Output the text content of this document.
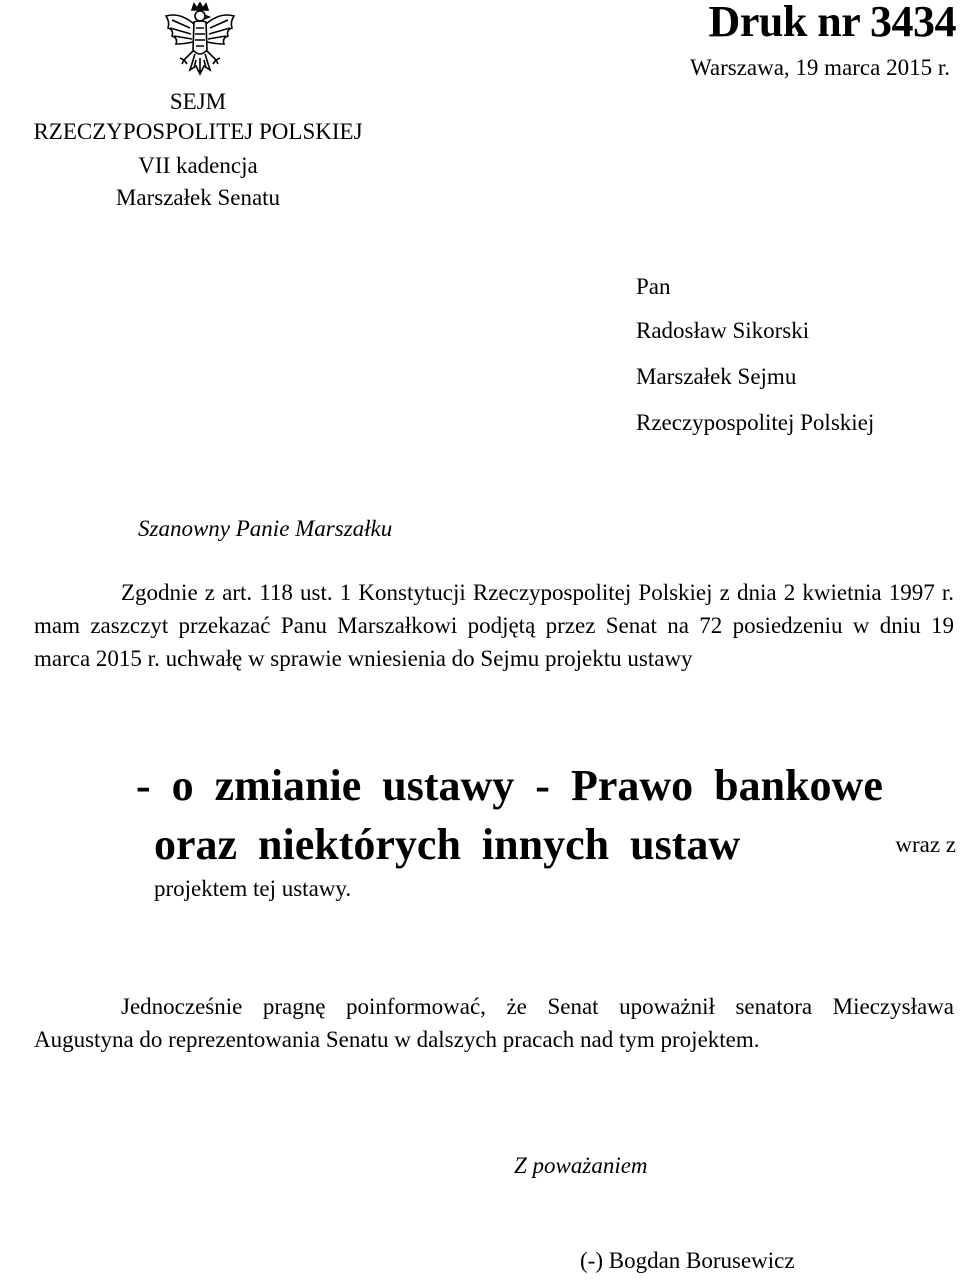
SEJM
RZECZYPOSPOLITEJ POLSKIEJ
VII kadencja
Marszałek Senatu
Druk nr 3434
Warszawa, 19 marca 2015 r.
Pan
Radosław Sikorski
Marszałek Sejmu
Rzeczypospolitej Polskiej
Szanowny Panie Marszałku
Zgodnie z art. 118 ust. 1 Konstytucji Rzeczypospolitej Polskiej z dnia 2 kwietnia 1997 r. mam zaszczyt przekazać Panu Marszałkowi podjętą przez Senat na 72 posiedzeniu w dniu 19 marca 2015 r. uchwałę w sprawie wniesienia do Sejmu projektu ustawy
- o zmianie ustawy - Prawo bankowe
oraz niektórych innych ustaw	wraz z
projektem tej ustawy.
Jednocześnie pragnę poinformować, że Senat upoważnił senatora Mieczysława Augustyna do reprezentowania Senatu w dalszych pracach nad tym projektem.
Z poważaniem
(-) Bogdan Borusewicz
